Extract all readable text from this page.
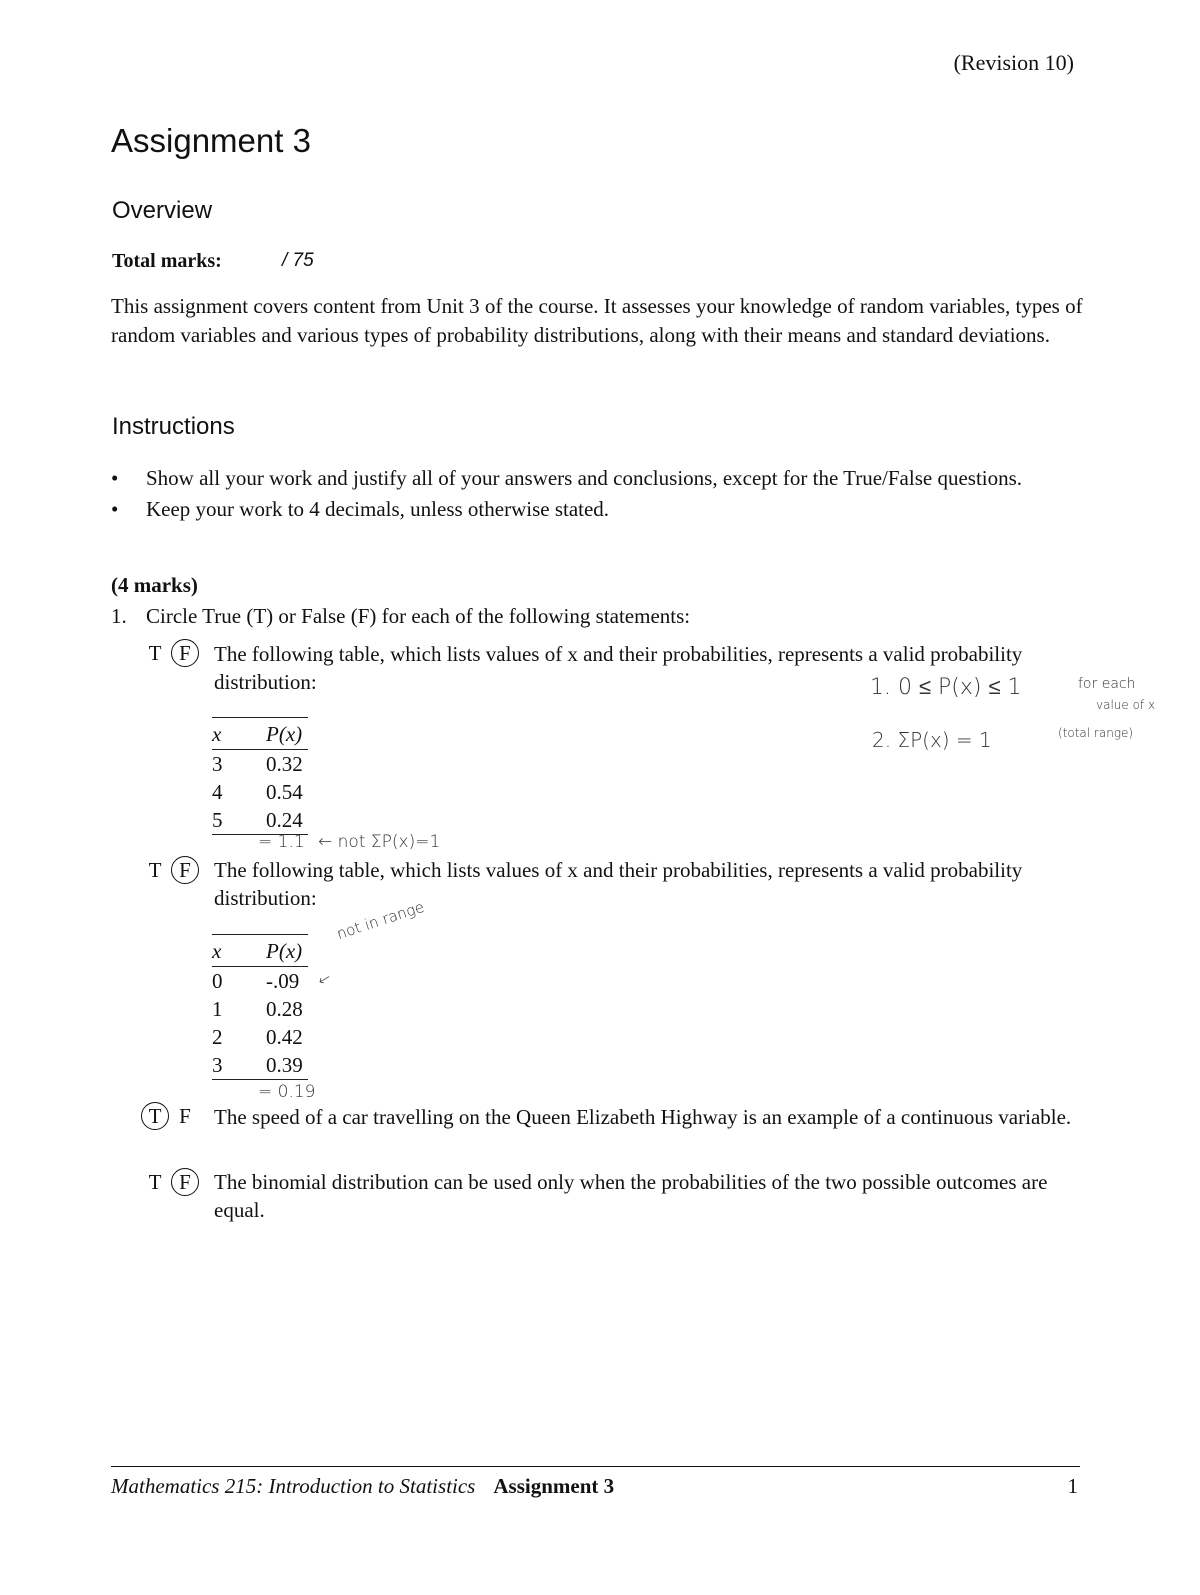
(Revision 10)
Assignment 3
Overview
Total marks:	/ 75
This assignment covers content from Unit 3 of the course. It assesses your knowledge of random variables, types of random variables and various types of probability distributions, along with their means and standard deviations.
Instructions
• Show all your work and justify all of your answers and conclusions, except for the True/False questions.
• Keep your work to 4 decimals, unless otherwise stated.
(4 marks)
1. Circle True (T) or False (F) for each of the following statements:
T F	The following table, which lists values of x and their probabilities, represents a valid probability distribution:
x	P(x)
3	0.32
4	0.54
5	0.24
= 1.1 ← not ΣP(x)=1
1. 0 ≤ P(x) ≤ 1	for each
value of x
2. ΣP(x) = 1	(total range)
T F	The following table, which lists values of x and their probabilities, represents a valid probability distribution:
x	P(x)
0	-.09
1	0.28
2	0.42
3	0.39
= 0.19
not in range
←
T F	The speed of a car travelling on the Queen Elizabeth Highway is an example of a continuous variable.
T F	The binomial distribution can be used only when the probabilities of the two possible outcomes are equal.
Mathematics 215: Introduction to Statistics Assignment 3	1
